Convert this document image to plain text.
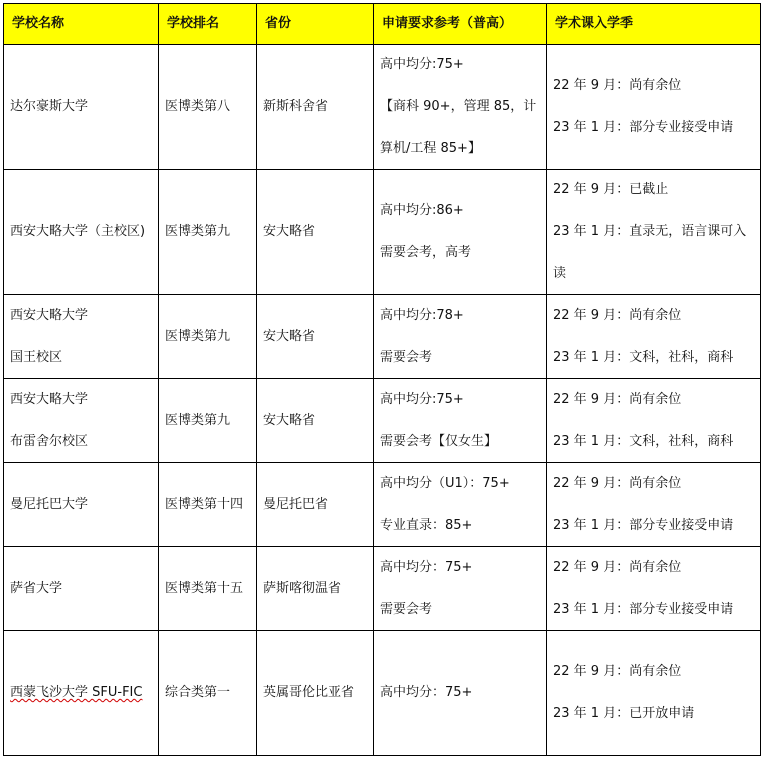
学校名称	学校排名	省份	申请要求参考（普高）	学术课入学季

达尔豪斯大学	医博类第八	新斯科舍省	高中均分:75+
【商科 90+，管理 85，计
算机/工程 85+】	22 年 9 月：尚有余位
23 年 1 月：部分专业接受申请

西安大略大学（主校区)	医博类第九	安大略省	高中均分:86+
需要会考，高考	22 年 9 月：已截止
23 年 1 月：直录无，语言课可入
读

西安大略大学
国王校区	医博类第九	安大略省	高中均分:78+
需要会考	22 年 9 月：尚有余位
23 年 1 月：文科，社科，商科

西安大略大学
布雷舍尔校区	医博类第九	安大略省	高中均分:75+
需要会考【仅女生】	22 年 9 月：尚有余位
23 年 1 月：文科，社科，商科

曼尼托巴大学	医博类第十四	曼尼托巴省	高中均分（U1）：75+
专业直录：85+	22 年 9 月：尚有余位
23 年 1 月：部分专业接受申请

萨省大学	医博类第十五	萨斯喀彻温省	高中均分：75+
需要会考	22 年 9 月：尚有余位
23 年 1 月：部分专业接受申请

西蒙飞沙大学 SFU-FIC	综合类第一	英属哥伦比亚省	高中均分：75+	22 年 9 月：尚有余位
23 年 1 月：已开放申请
